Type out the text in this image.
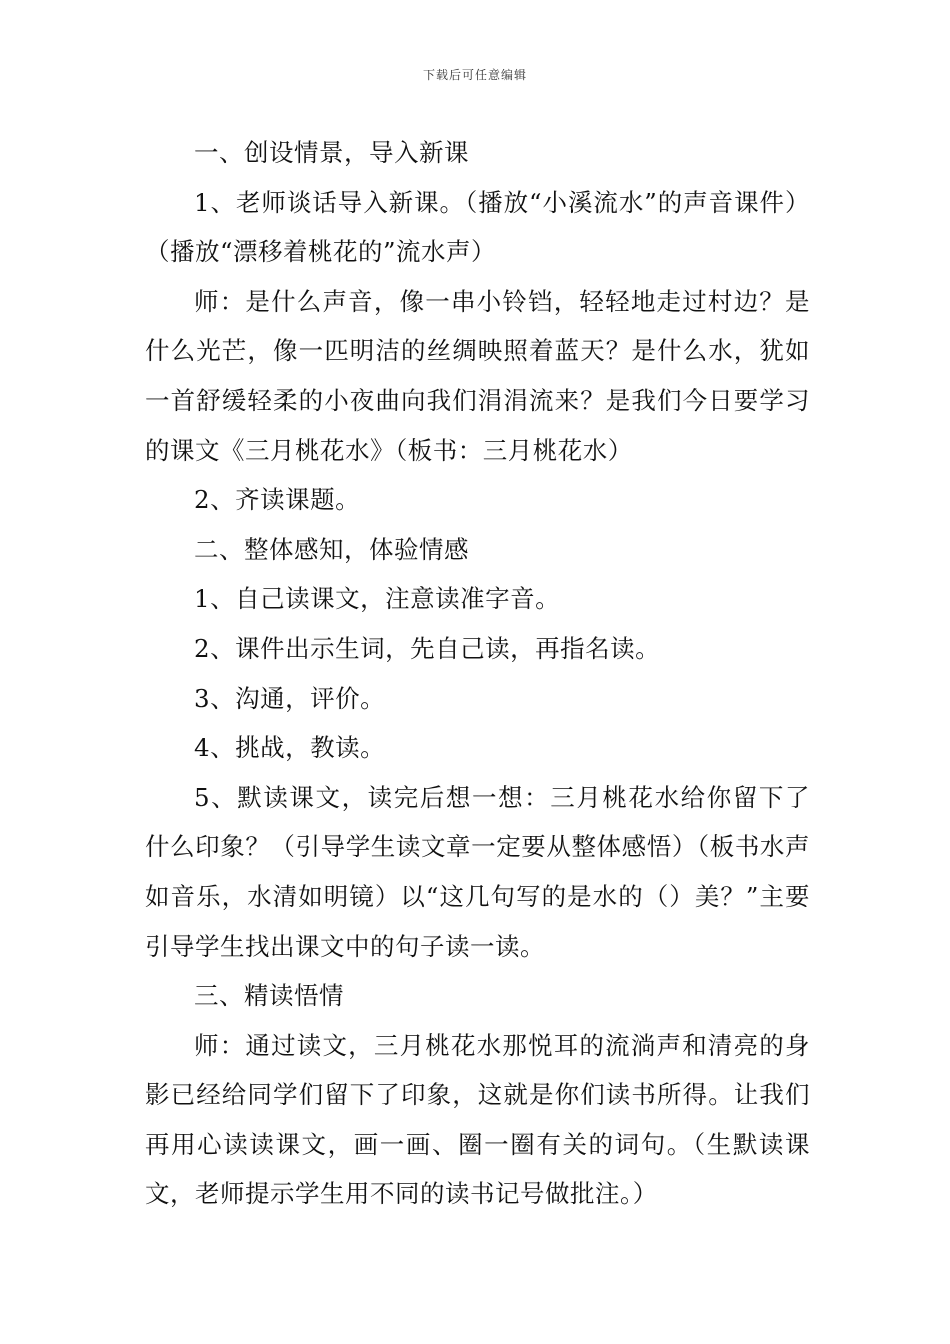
下载后可任意编辑

一、创设情景，导入新课

1、老师谈话导入新课。（播放“小溪流水”的声音课件）（播放“漂移着桃花的”流水声）

师：是什么声音，像一串小铃铛，轻轻地走过村边？是什么光芒，像一匹明洁的丝绸映照着蓝天？是什么水，犹如一首舒缓轻柔的小夜曲向我们涓涓流来？是我们今日要学习的课文《三月桃花水》（板书：三月桃花水）

2、齐读课题。

二、整体感知，体验情感

1、自己读课文，注意读准字音。

2、课件出示生词，先自己读，再指名读。

3、沟通，评价。

4、挑战，教读。

5、默读课文，读完后想一想：三月桃花水给你留下了什么印象？（引导学生读文章一定要从整体感悟）（板书水声如音乐，水清如明镜）以“这几句写的是水的（）美？”主要引导学生找出课文中的句子读一读。

三、精读悟情

师：通过读文，三月桃花水那悦耳的流淌声和清亮的身影已经给同学们留下了印象，这就是你们读书所得。让我们再用心读读课文，画一画、圈一圈有关的词句。（生默读课文，老师提示学生用不同的读书记号做批注。）
